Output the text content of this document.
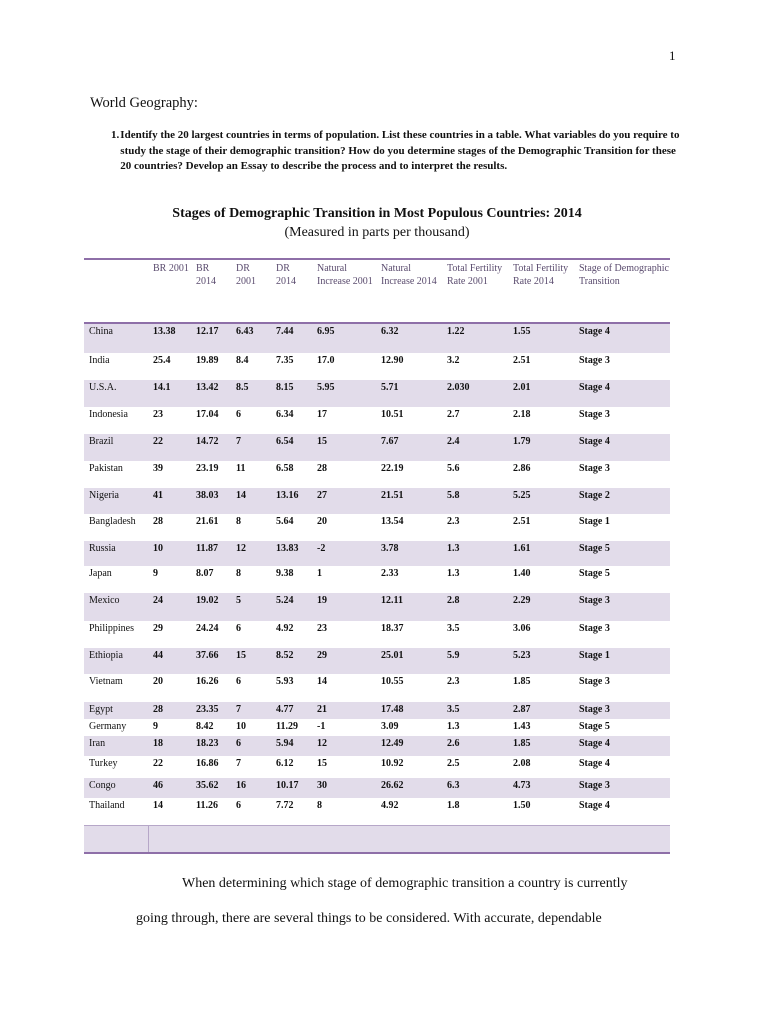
1
World Geography:
1. Identify the 20 largest countries in terms of population. List these countries in a table. What variables do you require to study the stage of their demographic transition? How do you determine stages of the Demographic Transition for these 20 countries? Develop an Essay to describe the process and to interpret the results.
Stages of Demographic Transition in Most Populous Countries: 2014
(Measured in parts per thousand)
	BR 2001	BR 2014	DR 2001	DR 2014	Natural Increase 2001	Natural Increase 2014	Total Fertility Rate 2001	Total Fertility Rate 2014	Stage of Demographic Transition
China	13.38	12.17	6.43	7.44	6.95	6.32	1.22	1.55	Stage 4
India	25.4	19.89	8.4	7.35	17.0	12.90	3.2	2.51	Stage 3
U.S.A.	14.1	13.42	8.5	8.15	5.95	5.71	2.030	2.01	Stage 4
Indonesia	23	17.04	6	6.34	17	10.51	2.7	2.18	Stage 3
Brazil	22	14.72	7	6.54	15	7.67	2.4	1.79	Stage 4
Pakistan	39	23.19	11	6.58	28	22.19	5.6	2.86	Stage 3
Nigeria	41	38.03	14	13.16	27	21.51	5.8	5.25	Stage 2
Bangladesh	28	21.61	8	5.64	20	13.54	2.3	2.51	Stage 1
Russia	10	11.87	12	13.83	-2	3.78	1.3	1.61	Stage 5
Japan	9	8.07	8	9.38	1	2.33	1.3	1.40	Stage 5
Mexico	24	19.02	5	5.24	19	12.11	2.8	2.29	Stage 3
Philippines	29	24.24	6	4.92	23	18.37	3.5	3.06	Stage 3
Ethiopia	44	37.66	15	8.52	29	25.01	5.9	5.23	Stage 1
Vietnam	20	16.26	6	5.93	14	10.55	2.3	1.85	Stage 3
Egypt	28	23.35	7	4.77	21	17.48	3.5	2.87	Stage 3
Germany	9	8.42	10	11.29	-1	3.09	1.3	1.43	Stage 5
Iran	18	18.23	6	5.94	12	12.49	2.6	1.85	Stage 4
Turkey	22	16.86	7	6.12	15	10.92	2.5	2.08	Stage 4
Congo	46	35.62	16	10.17	30	26.62	6.3	4.73	Stage 3
Thailand	14	11.26	6	7.72	8	4.92	1.8	1.50	Stage 4

When determining which stage of demographic transition a country is currently
going through, there are several things to be considered. With accurate, dependable
